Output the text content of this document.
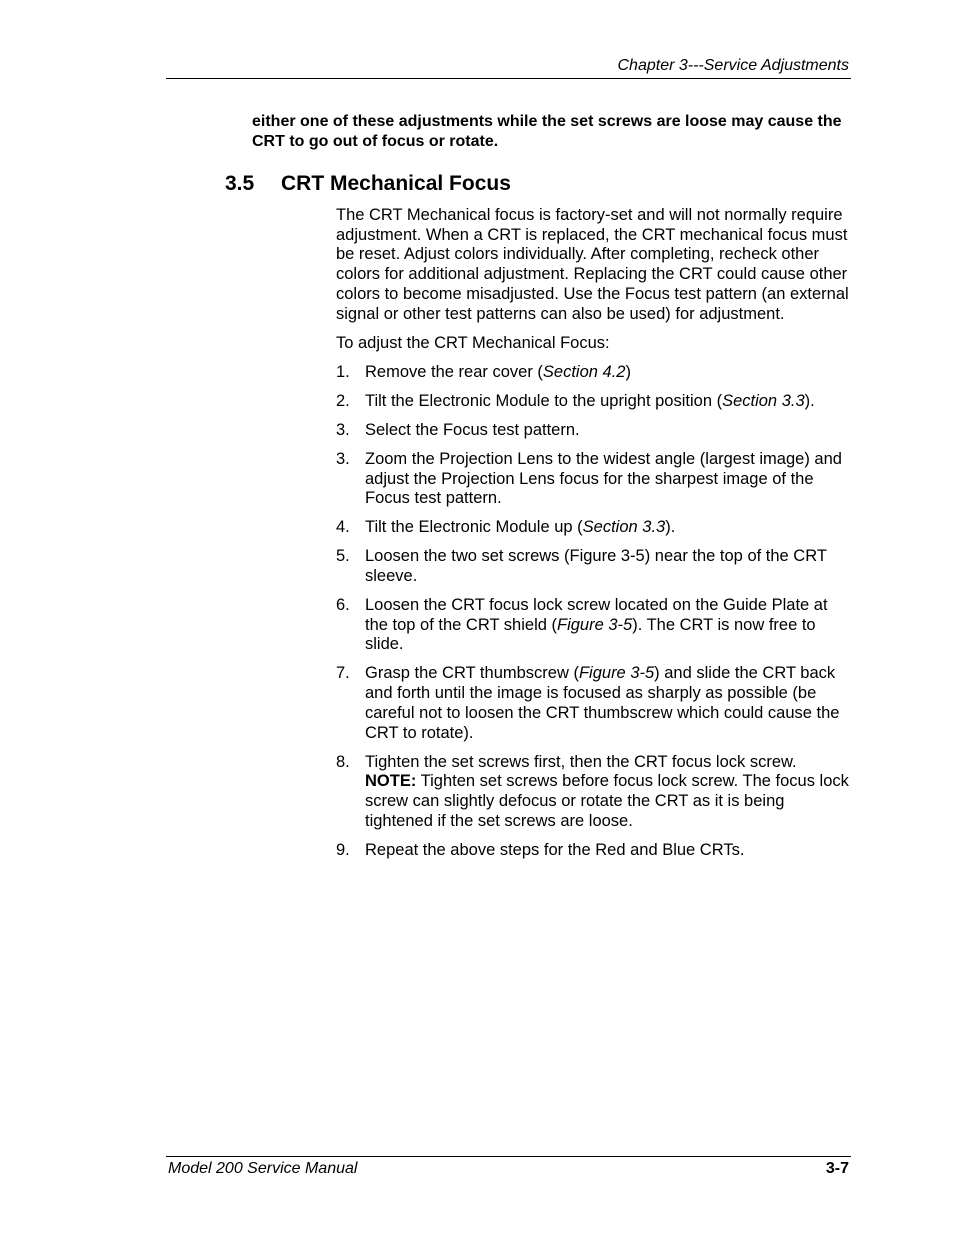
Chapter 3---Service Adjustments
either one of these adjustments while the set screws are loose may cause the CRT to go out of focus or rotate.
3.5 CRT Mechanical Focus

The CRT Mechanical focus is factory-set and will not normally require adjustment. When a CRT is replaced, the CRT mechanical focus must be reset. Adjust colors individually. After completing, recheck other colors for additional adjustment. Replacing the CRT could cause other colors to become misadjusted. Use the Focus test pattern (an external signal or other test patterns can also be used) for adjustment.

To adjust the CRT Mechanical Focus:

1. Remove the rear cover (Section 4.2)
2. Tilt the Electronic Module to the upright position (Section 3.3).
3. Select the Focus test pattern.
3. Zoom the Projection Lens to the widest angle (largest image) and adjust the Projection Lens focus for the sharpest image of the Focus test pattern.
4. Tilt the Electronic Module up (Section 3.3).
5. Loosen the two set screws (Figure 3-5) near the top of the CRT sleeve.
6. Loosen the CRT focus lock screw located on the Guide Plate at the top of the CRT shield (Figure 3-5). The CRT is now free to slide.
7. Grasp the CRT thumbscrew (Figure 3-5) and slide the CRT back and forth until the image is focused as sharply as possible (be careful not to loosen the CRT thumbscrew which could cause the CRT to rotate).
8. Tighten the set screws first, then the CRT focus lock screw.
NOTE: Tighten set screws before focus lock screw. The focus lock screw can slightly defocus or rotate the CRT as it is being tightened if the set screws are loose.
9. Repeat the above steps for the Red and Blue CRTs.
Model 200 Service Manual	3-7
